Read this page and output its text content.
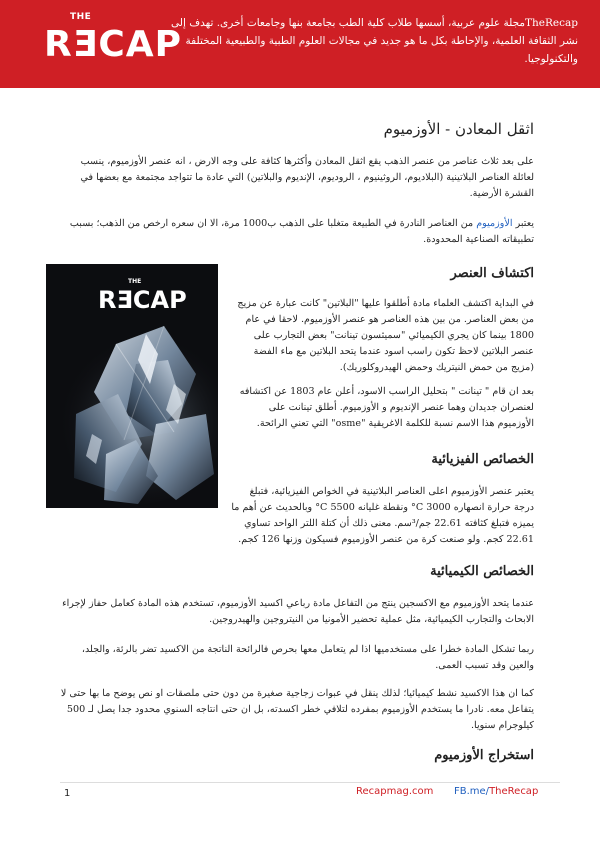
THE
RƎCAP
TheRecapمجلة علوم عربية، أسسها طلاب كلية الطب بجامعة بنها وجامعات أخرى. تهدف إلى نشر الثقافة العلمية، والإحاطة بكل ما هو جديد في مجالات العلوم الطبية والطبيعية المختلفة والتكنولوجيا.
اثقل المعادن - الأوزميوم

على بعد ثلاث عناصر من عنصر الذهب يقع اثقل المعادن وأكثرها كثافة على وجه الارض ، انه عنصر الأوزميوم، ينسب لعائلة العناصر البلاتينية (البلاديوم، الروثينيوم ، الروديوم، الإنديوم والبلاتين) التي عادة ما تتواجد مجتمعة مع بعضها في القشرة الأرضية.

يعتبر الأوزميوم من العناصر النادرة في الطبيعة متغلبا على الذهب ب1000 مرة، الا ان سعره ارخص من الذهب؛ بسبب تطبيقاته الصناعية المحدودة.

THE
RƎCAP
اكتشاف العنصر

في البداية اكتشف العلماء مادة أطلقوا عليها "البلاتين" كانت عبارة عن مزيج من بعض العناصر. من بين هذه العناصر هو عنصر الأوزميوم. لاحقا في عام 1800 بينما كان يجري الكيميائي "سميثسون تينانت" بعض التجارب على عنصر البلاتين لاحظ تكون راسب اسود عندما يتحد البلاتين مع ماء الفضة (مزيج من حمض النيتريك وحمض الهيدروكلوريك).

بعد ان قام " تينانت " بتحليل الراسب الاسود، أعلن عام 1803 عن اكتشافه لعنصران جديدان وهما عنصر الإنديوم و الأوزميوم. أطلق تينانت على الأوزميوم هذا الاسم نسبة للكلمة الاغريقية "osme" التي تعني الرائحة.

الخصائص الفيزيائية

يعتبر عنصر الأوزميوم اعلى العناصر البلاتينية في الخواص الفيزيائية، فتبلغ درجة حرارة انصهاره 3000 C° ونقطة غليانه 5500 C° وبالحديث عن أهم ما يميزه فتبلغ كثافته 22.61 جم/³سم. معنى ذلك أن كتلة اللتر الواحد تساوي 22.61 كجم. ولو صنعت كرة من عنصر الأوزميوم فسيكون وزنها 126 كجم.

الخصائص الكيميائية

عندما يتحد الأوزميوم مع الاكسجين ينتج من التفاعل مادة رباعي اكسيد الأوزميوم، تستخدم هذه المادة كعامل حفاز لإجراء الابحاث والتجارب الكيميائية، مثل عملية تحضير الأمونيا من النيتروجين والهيدروجين.

ربما تشكل المادة خطرا على مستخدميها اذا لم يتعامل معها بحرص فالرائحة الناتجة من الاكسيد تضر بالرئة، والجلد، والعين وقد تسبب العمى.

كما ان هذا الاكسيد نشط كيميائيا؛ لذلك ينقل في عبوات زجاجية صغيرة من دون حتى ملصقات او نص يوضح ما بها حتى لا يتفاعل معه. نادرا ما يستخدم الأوزميوم بمفرده لتلافي خطر اكسدته، بل ان حتى انتاجه السنوي محدود جدا يصل لـ 500 كيلوجرام سنويا.

استخراج الأوزميوم
1	Recapmag.com FB.me/TheRecap
